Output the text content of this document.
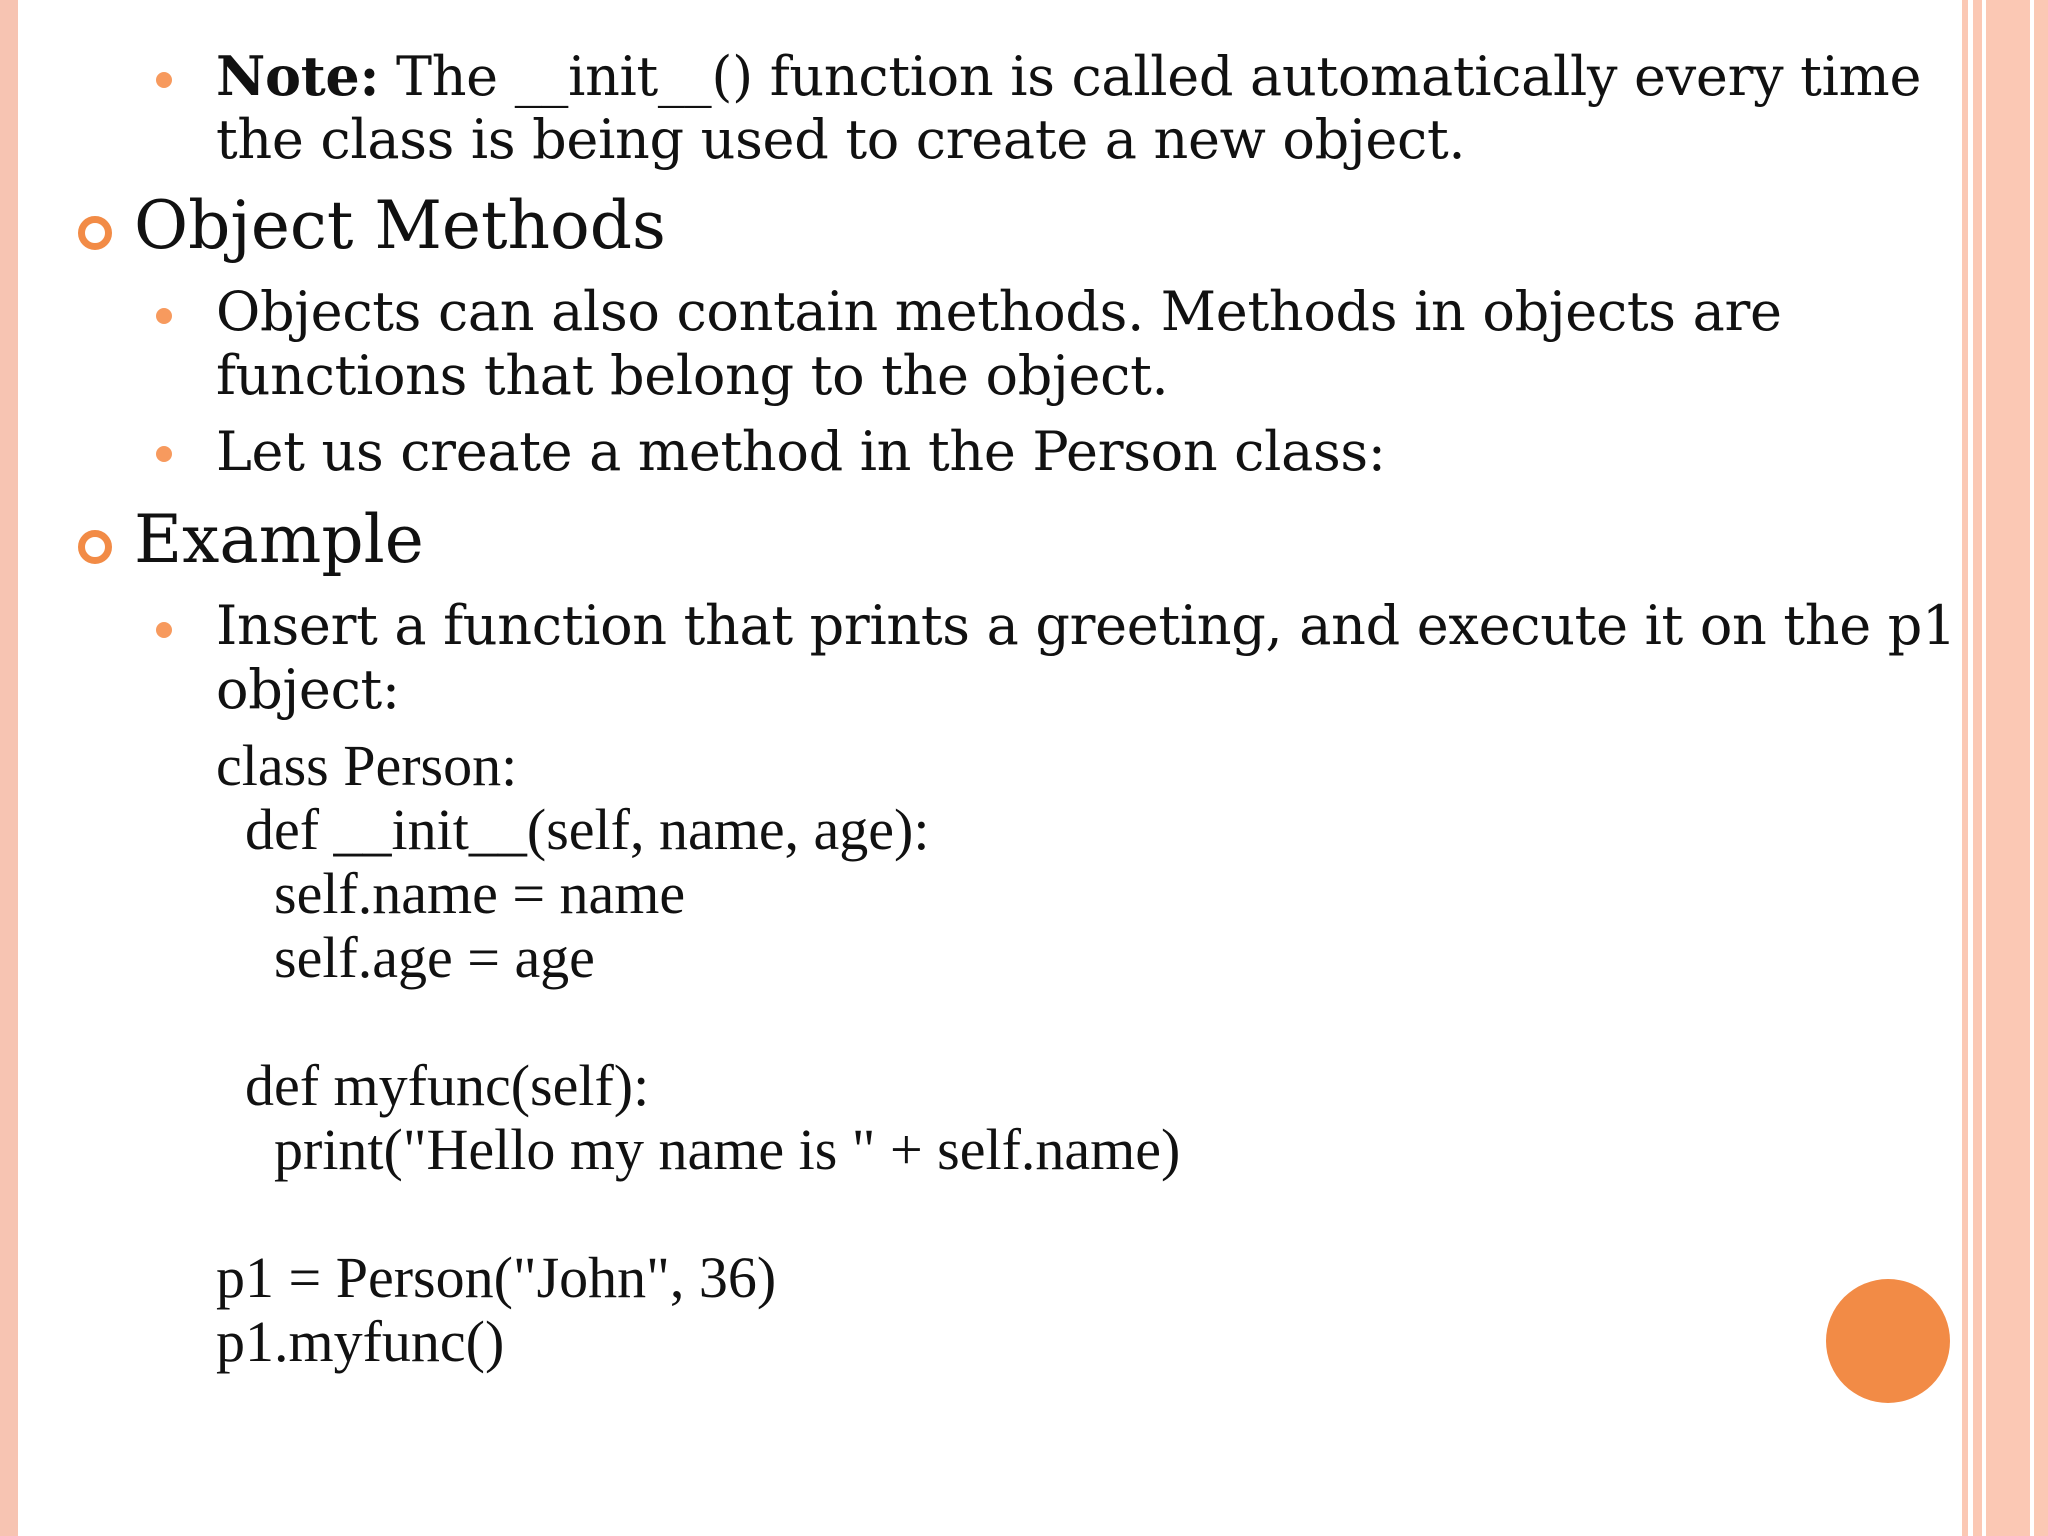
Note: The __init__() function is called automatically every time
the class is being used to create a new object.
Object Methods
Objects can also contain methods. Methods in objects are
functions that belong to the object.
Let us create a method in the Person class:
Example
Insert a function that prints a greeting, and execute it on the p1
object:
class Person:
def __init__(self, name, age):
self.name = name
self.age = age
def myfunc(self):
print("Hello my name is " + self.name)
p1 = Person("John", 36)
p1.myfunc()
